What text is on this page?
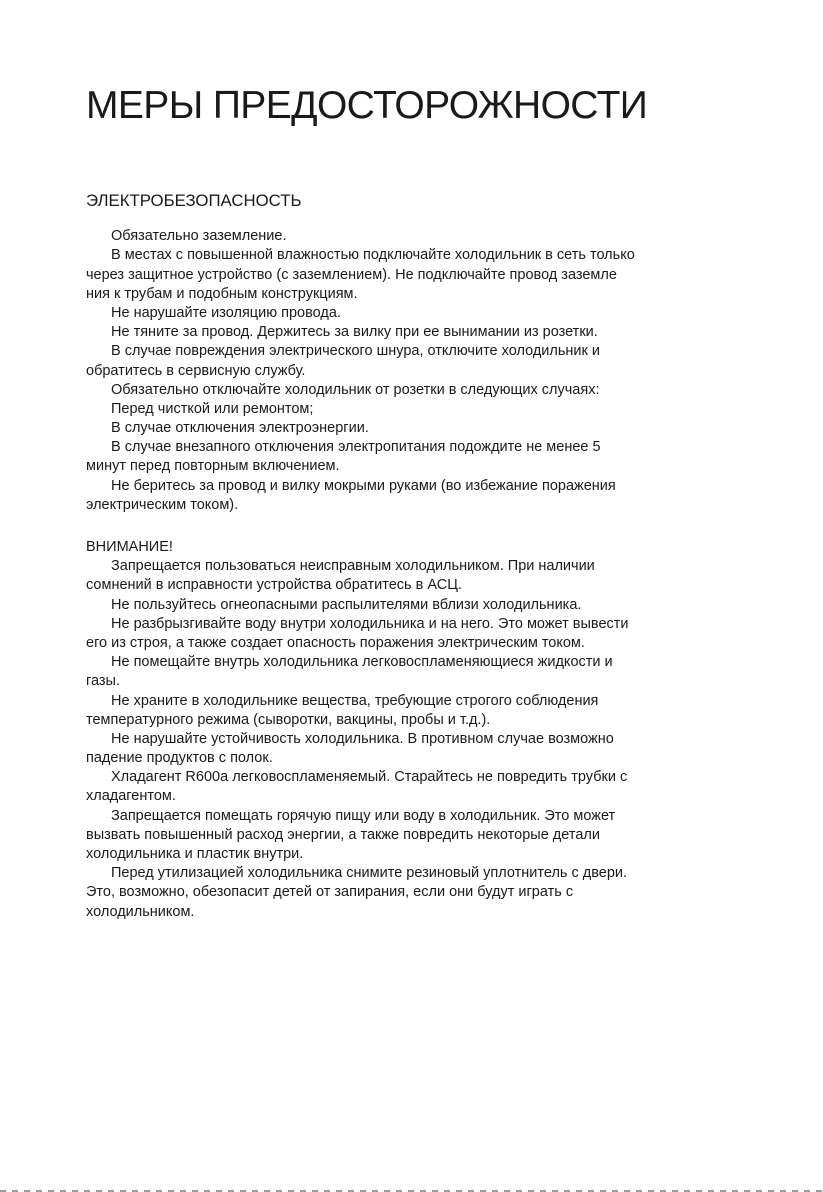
МЕРЫ ПРЕДОСТОРОЖНОСТИ
ЭЛЕКТРОБЕЗОПАСНОСТЬ
Обязательно заземление.
В местах с повышенной влажностью подключайте холодильник в сеть только
через защитное устройство (с заземлением). Не подключайте провод заземле
ния к трубам и подобным конструкциям.
Не нарушайте изоляцию провода.
Не тяните за провод. Держитесь за вилку при ее вынимании из розетки.
В случае повреждения электрического шнура, отключите холодильник и
обратитесь в сервисную службу.
Обязательно отключайте холодильник от розетки в следующих случаях:
Перед чисткой или ремонтом;
В случае отключения электроэнергии.
В случае внезапного отключения электропитания подождите не менее 5
минут перед повторным включением.
Не беритесь за провод и вилку мокрыми руками (во избежание поражения
электрическим током).
ВНИМАНИЕ!
Запрещается пользоваться неисправным холодильником. При наличии
сомнений в исправности устройства обратитесь в АСЦ.
Не пользуйтесь огнеопасными распылителями вблизи холодильника.
Не разбрызгивайте воду внутри холодильника и на него. Это может вывести
его из строя, а также создает опасность поражения электрическим током.
Не помещайте внутрь холодильника легковоспламеняющиеся жидкости и
газы.
Не храните в холодильнике вещества, требующие строгого соблюдения
температурного режима (сыворотки, вакцины, пробы и т.д.).
Не нарушайте устойчивость холодильника. В противном случае возможно
падение продуктов с полок.
Хладагент R600a легковоспламеняемый. Старайтесь не повредить трубки с
хладагентом.
Запрещается помещать горячую пищу или воду в холодильник. Это может
вызвать повышенный расход энергии, а также повредить некоторые детали
холодильника и пластик внутри.
Перед утилизацией холодильника снимите резиновый уплотнитель с двери.
Это, возможно, обезопасит детей от запирания, если они будут играть с
холодильником.
